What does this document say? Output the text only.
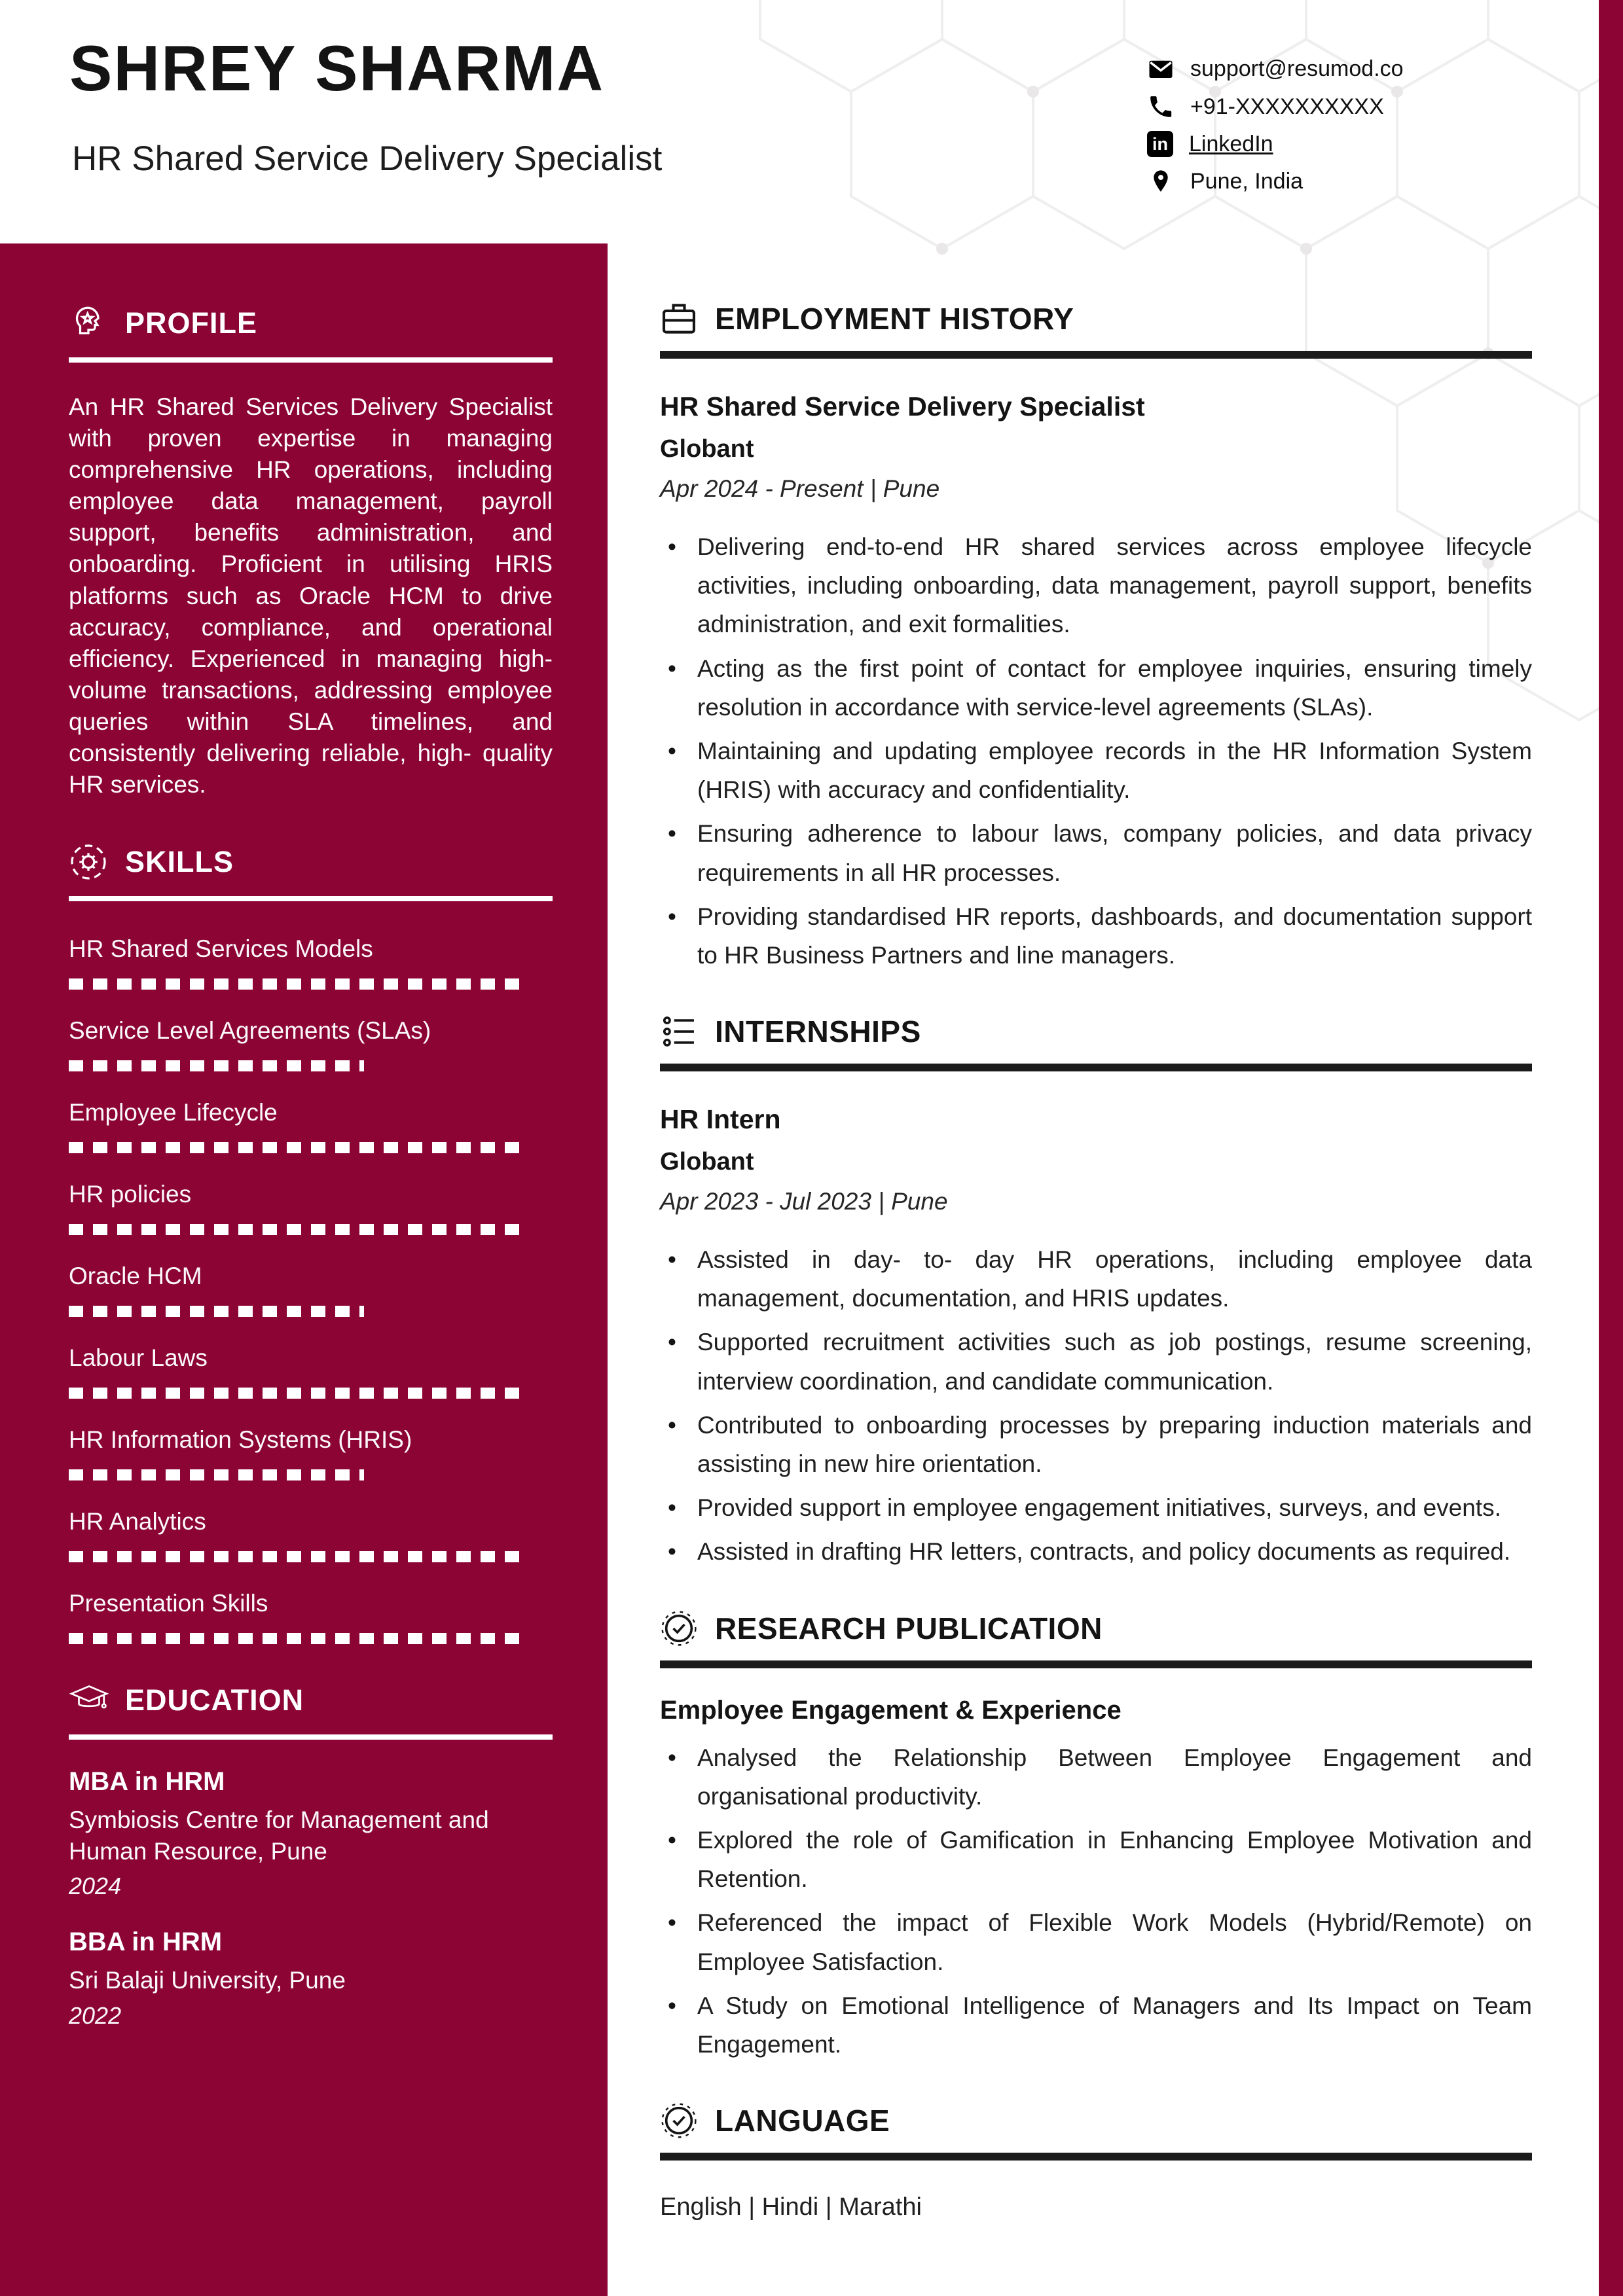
SHREY SHARMA
HR Shared Service Delivery Specialist
support@resumod.co
+91-XXXXXXXXXX
in LinkedIn
Pune, India
PROFILE
An HR Shared Services Delivery Specialist with proven expertise in managing comprehensive HR operations, including employee data management, payroll support, benefits administration, and onboarding. Proficient in utilising HRIS platforms such as Oracle HCM to drive accuracy, compliance, and operational efficiency. Experienced in managing high-volume transactions, addressing employee queries within SLA timelines, and consistently delivering reliable, high- quality HR services.
SKILLS
HR Shared Services Models
Service Level Agreements (SLAs)
Employee Lifecycle
HR policies
Oracle HCM
Labour Laws
HR Information Systems (HRIS)
HR Analytics
Presentation Skills
EDUCATION
MBA in HRM
Symbiosis Centre for Management and Human Resource, Pune
2024
BBA in HRM
Sri Balaji University, Pune
2022
EMPLOYMENT HISTORY
HR Shared Service Delivery Specialist
Globant
Apr 2024 - Present | Pune
• Delivering end-to-end HR shared services across employee lifecycle activities, including onboarding, data management, payroll support, benefits administration, and exit formalities.
• Acting as the first point of contact for employee inquiries, ensuring timely resolution in accordance with service-level agreements (SLAs).
• Maintaining and updating employee records in the HR Information System (HRIS) with accuracy and confidentiality.
• Ensuring adherence to labour laws, company policies, and data privacy requirements in all HR processes.
• Providing standardised HR reports, dashboards, and documentation support to HR Business Partners and line managers.
INTERNSHIPS
HR Intern
Globant
Apr 2023 - Jul 2023 | Pune
• Assisted in day- to- day HR operations, including employee data management, documentation, and HRIS updates.
• Supported recruitment activities such as job postings, resume screening, interview coordination, and candidate communication.
• Contributed to onboarding processes by preparing induction materials and assisting in new hire orientation.
• Provided support in employee engagement initiatives, surveys, and events.
• Assisted in drafting HR letters, contracts, and policy documents as required.
RESEARCH PUBLICATION
Employee Engagement & Experience
• Analysed the Relationship Between Employee Engagement and organisational productivity.
• Explored the role of Gamification in Enhancing Employee Motivation and Retention.
• Referenced the impact of Flexible Work Models (Hybrid/Remote) on Employee Satisfaction.
• A Study on Emotional Intelligence of Managers and Its Impact on Team Engagement.
LANGUAGE
English | Hindi | Marathi
